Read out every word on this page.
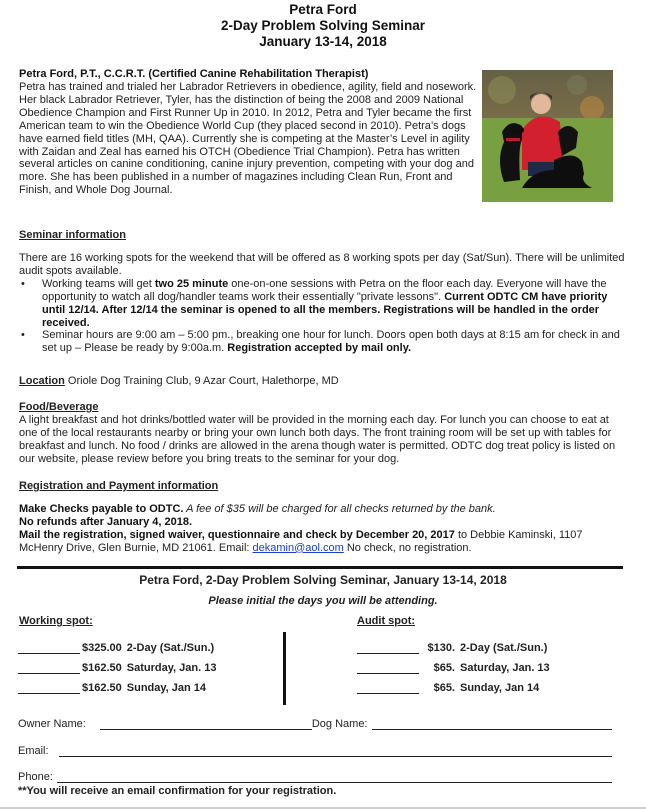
Petra Ford
2-Day Problem Solving Seminar
January 13-14, 2018
Petra Ford, P.T., C.C.R.T. (Certified Canine Rehabilitation Therapist)
Petra has trained and trialed her Labrador Retrievers in obedience, agility, field and nosework. Her black Labrador Retriever, Tyler, has the distinction of being the 2008 and 2009 National Obedience Champion and First Runner Up in 2010. In 2012, Petra and Tyler became the first American team to win the Obedience World Cup (they placed second in 2010). Petra’s dogs have earned field titles (MH, QAA). Currently she is competing at the Master’s Level in agility with Zaidan and Zeal has earned his OTCH (Obedience Trial Champion). Petra has written several articles on canine conditioning, canine injury prevention, competing with your dog and more. She has been published in a number of magazines including Clean Run, Front and Finish, and Whole Dog Journal.
Seminar information
There are 16 working spots for the weekend that will be offered as 8 working spots per day (Sat/Sun). There will be unlimited audit spots available.
• Working teams will get two 25 minute one-on-one sessions with Petra on the floor each day. Everyone will have the opportunity to watch all dog/handler teams work their essentially "private lessons". Current ODTC CM have priority until 12/14. After 12/14 the seminar is opened to all the members. Registrations will be handled in the order received.
• Seminar hours are 9:00 am – 5:00 pm., breaking one hour for lunch. Doors open both days at 8:15 am for check in and set up – Please be ready by 9:00a.m. Registration accepted by mail only.
Location Oriole Dog Training Club, 9 Azar Court, Halethorpe, MD
Food/Beverage
A light breakfast and hot drinks/bottled water will be provided in the morning each day. For lunch you can choose to eat at one of the local restaurants nearby or bring your own lunch both days. The front training room will be set up with tables for breakfast and lunch. No food / drinks are allowed in the arena though water is permitted. ODTC dog treat policy is listed on our website, please review before you bring treats to the seminar for your dog.
Registration and Payment information
Make Checks payable to ODTC. A fee of $35 will be charged for all checks returned by the bank.
No refunds after January 4, 2018.
Mail the registration, signed waiver, questionnaire and check by December 20, 2017 to Debbie Kaminski, 1107 McHenry Drive, Glen Burnie, MD 21061. Email: dekamin@aol.com No check, no registration.
Petra Ford, 2-Day Problem Solving Seminar, January 13-14, 2018
Please initial the days you will be attending.
Working spot:	Audit spot:
$325.00 2-Day (Sat./Sun.)
$162.50 Saturday, Jan. 13
$162.50 Sunday, Jan 14
$130. 2-Day (Sat./Sun.)
$65. Saturday, Jan. 13
$65. Sunday, Jan 14
Owner Name:	Dog Name:
Email:
Phone:
**You will receive an email confirmation for your registration.
